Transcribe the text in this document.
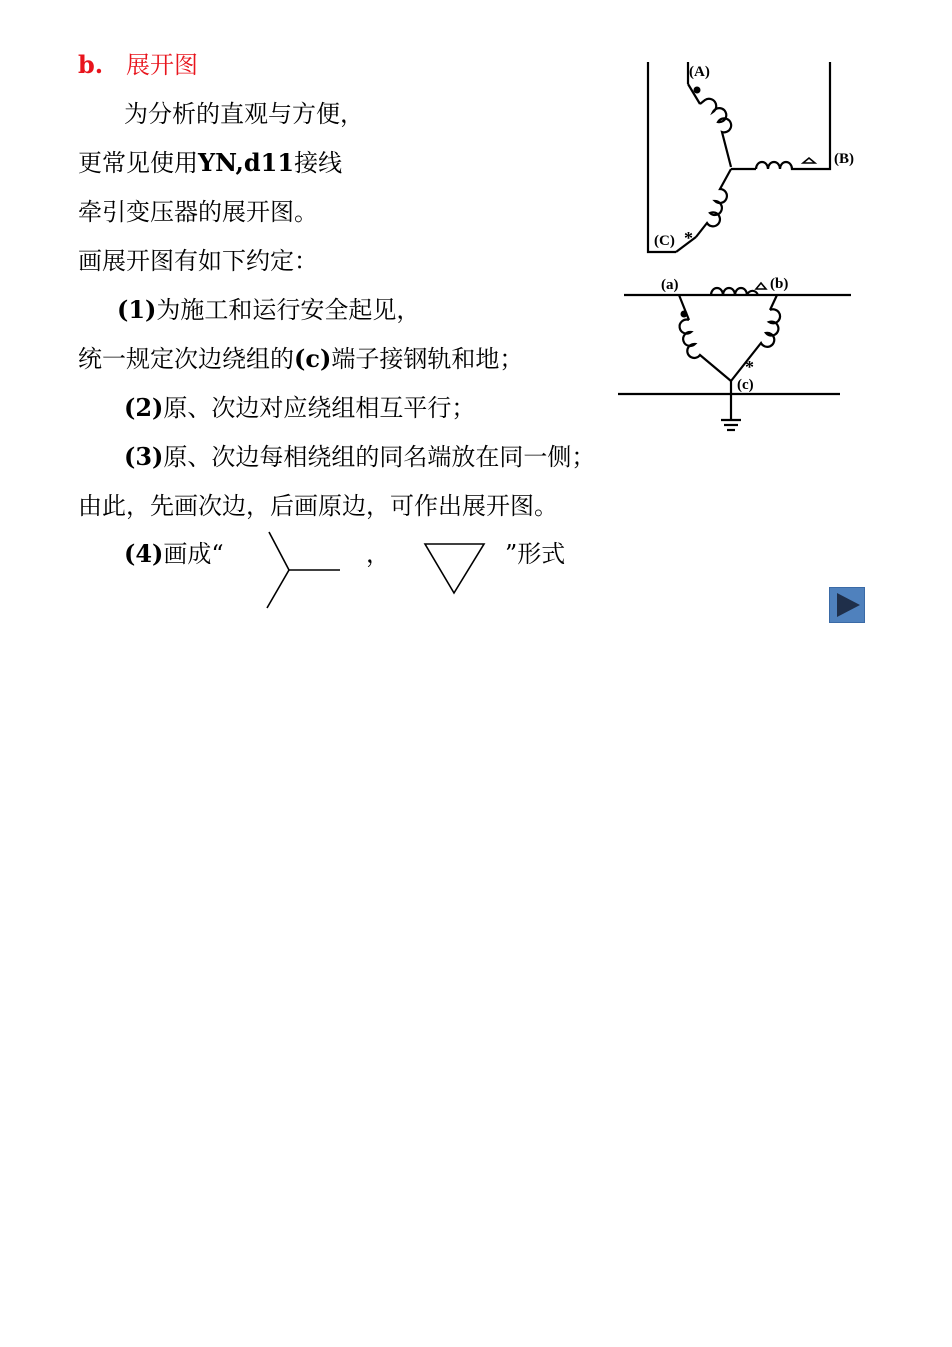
b. 展开图
为分析的直观与方便，
更常见使用YN,d11接线
牵引变压器的展开图。
画展开图有如下约定：
(1)为施工和运行安全起见，
统一规定次边绕组的(c)端子接钢轨和地；
(2)原、次边对应绕组相互平行；
(3)原、次边每相绕组的同名端放在同一侧；
由此，先画次边，后画原边，可作出展开图。
(4)画成“	，	”形式
(A)
(B)
(C) *
(a)	(b)
(c)
*
